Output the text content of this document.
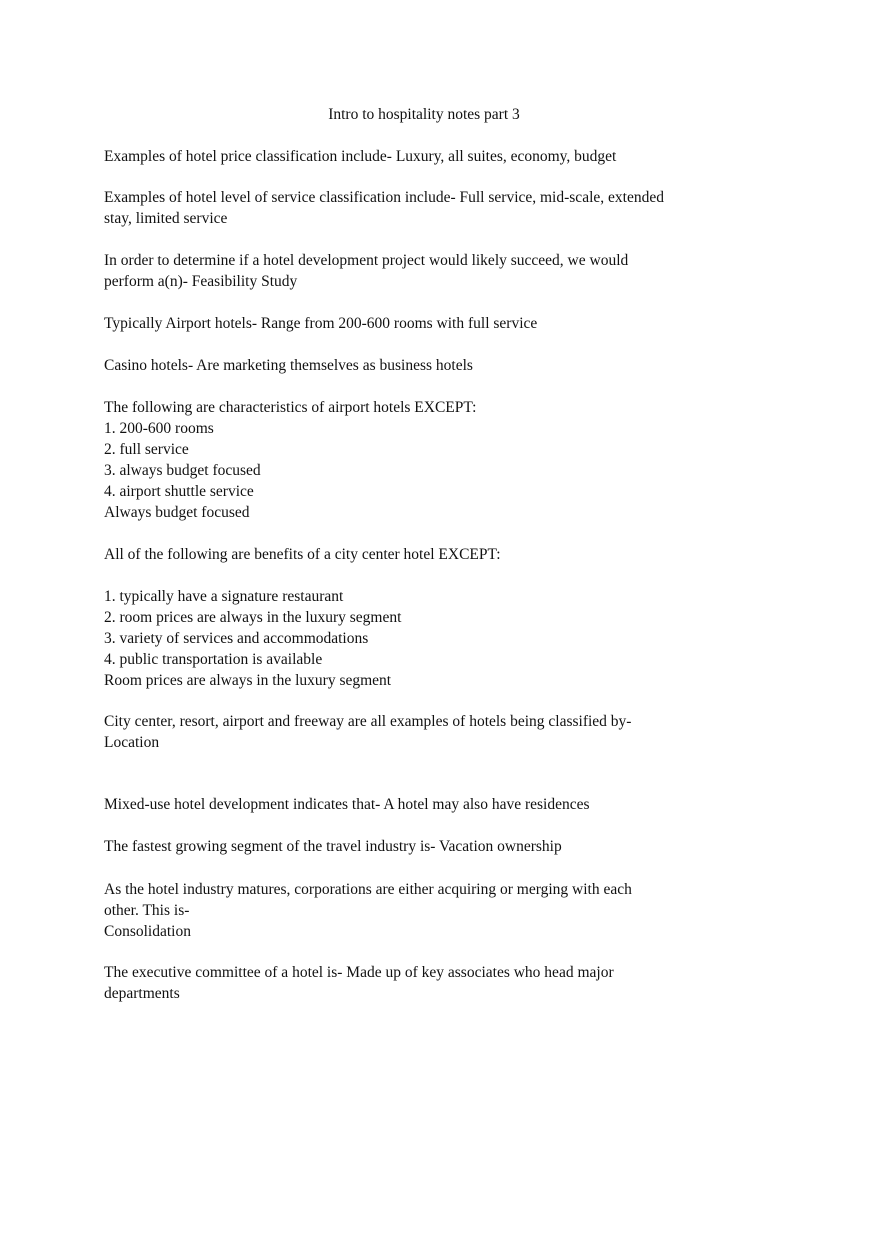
Intro to hospitality notes part 3
Examples of hotel price classification include- Luxury, all suites, economy, budget
Examples of hotel level of service classification include- Full service, mid-scale, extended
stay, limited service
In order to determine if a hotel development project would likely succeed, we would
perform a(n)- Feasibility Study
Typically Airport hotels- Range from 200-600 rooms with full service
Casino hotels- Are marketing themselves as business hotels
The following are characteristics of airport hotels EXCEPT:
1. 200-600 rooms
2. full service
3. always budget focused
4. airport shuttle service
Always budget focused
All of the following are benefits of a city center hotel EXCEPT:
1. typically have a signature restaurant
2. room prices are always in the luxury segment
3. variety of services and accommodations
4. public transportation is available
Room prices are always in the luxury segment
City center, resort, airport and freeway are all examples of hotels being classified by-
Location
Mixed-use hotel development indicates that- A hotel may also have residences
The fastest growing segment of the travel industry is- Vacation ownership
As the hotel industry matures, corporations are either acquiring or merging with each
other. This is-
Consolidation
The executive committee of a hotel is- Made up of key associates who head major
departments
